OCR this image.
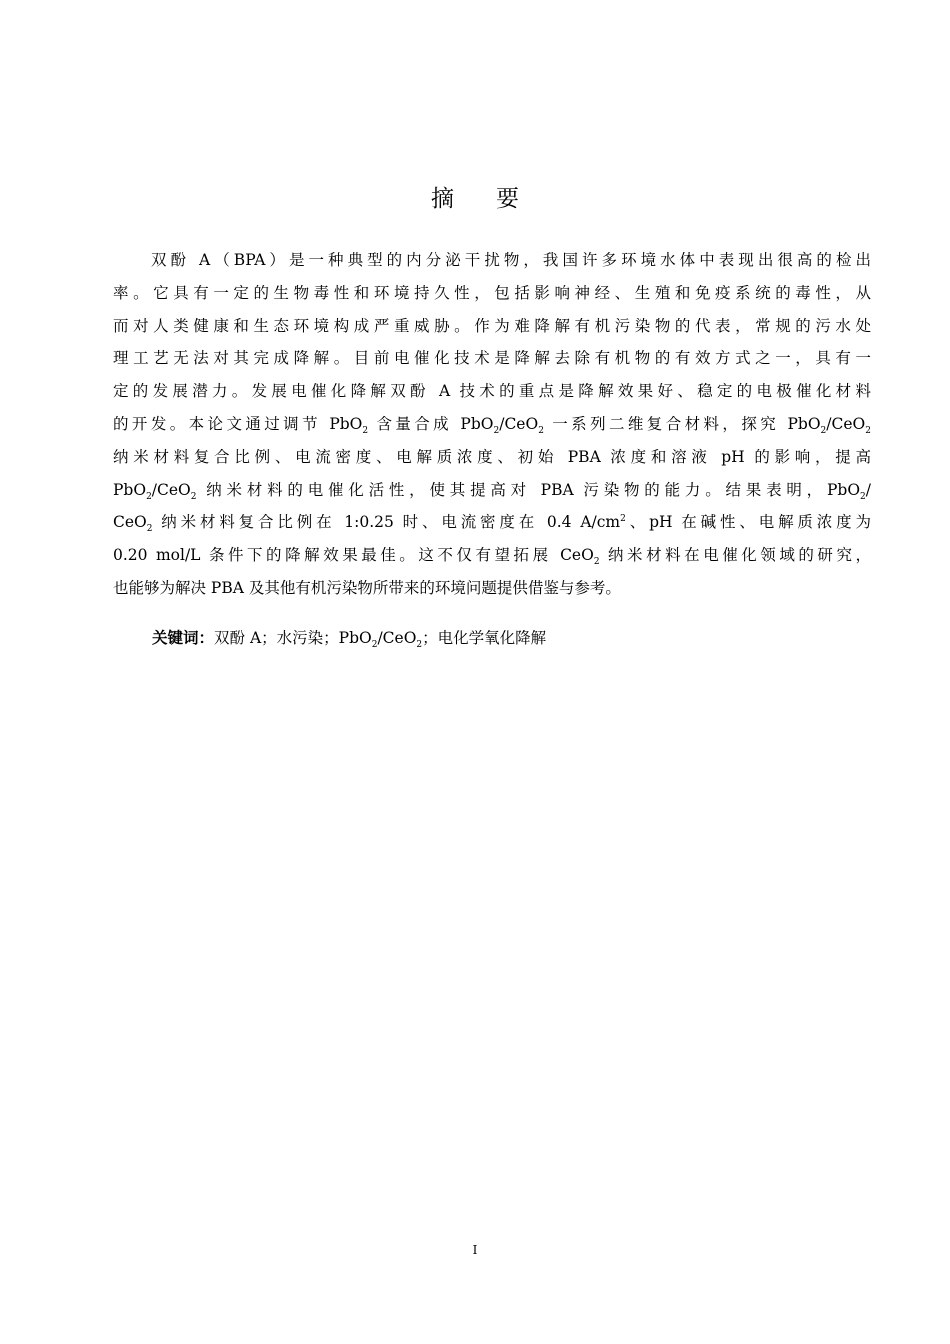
摘 要
双酚 A（BPA）是一种典型的内分泌干扰物，我国许多环境水体中表现出很高的检出
率。它具有一定的生物毒性和环境持久性，包括影响神经、生殖和免疫系统的毒性，从
而对人类健康和生态环境构成严重威胁。作为难降解有机污染物的代表，常规的污水处
理工艺无法对其完成降解。目前电催化技术是降解去除有机物的有效方式之一，具有一
定的发展潜力。发展电催化降解双酚 A 技术的重点是降解效果好、稳定的电极催化材料
的开发。本论文通过调节 PbO$_2$ 含量合成 PbO$_2$/CeO$_2$ 一系列二维复合材料，探究 PbO$_2$/CeO$_2$
纳米材料复合比例、电流密度、电解质浓度、初始 PBA 浓度和溶液 pH 的影响，提高
PbO$_2$/CeO$_2$ 纳米材料的电催化活性，使其提高对 PBA 污染物的能力。结果表明，PbO$_2$/
CeO$_2$ 纳米材料复合比例在 1:0.25 时、电流密度在 0.4 $A/cm^2$、pH 在碱性、电解质浓度为
0.20 mol/L 条件下的降解效果最佳。这不仅有望拓展 CeO$_2$ 纳米材料在电催化领域的研究，
也能够为解决 PBA 及其他有机污染物所带来的环境问题提供借鉴与参考。
关键词：双酚 A；水污染；PbO$_2$/CeO$_2$；电化学氧化降解
I
